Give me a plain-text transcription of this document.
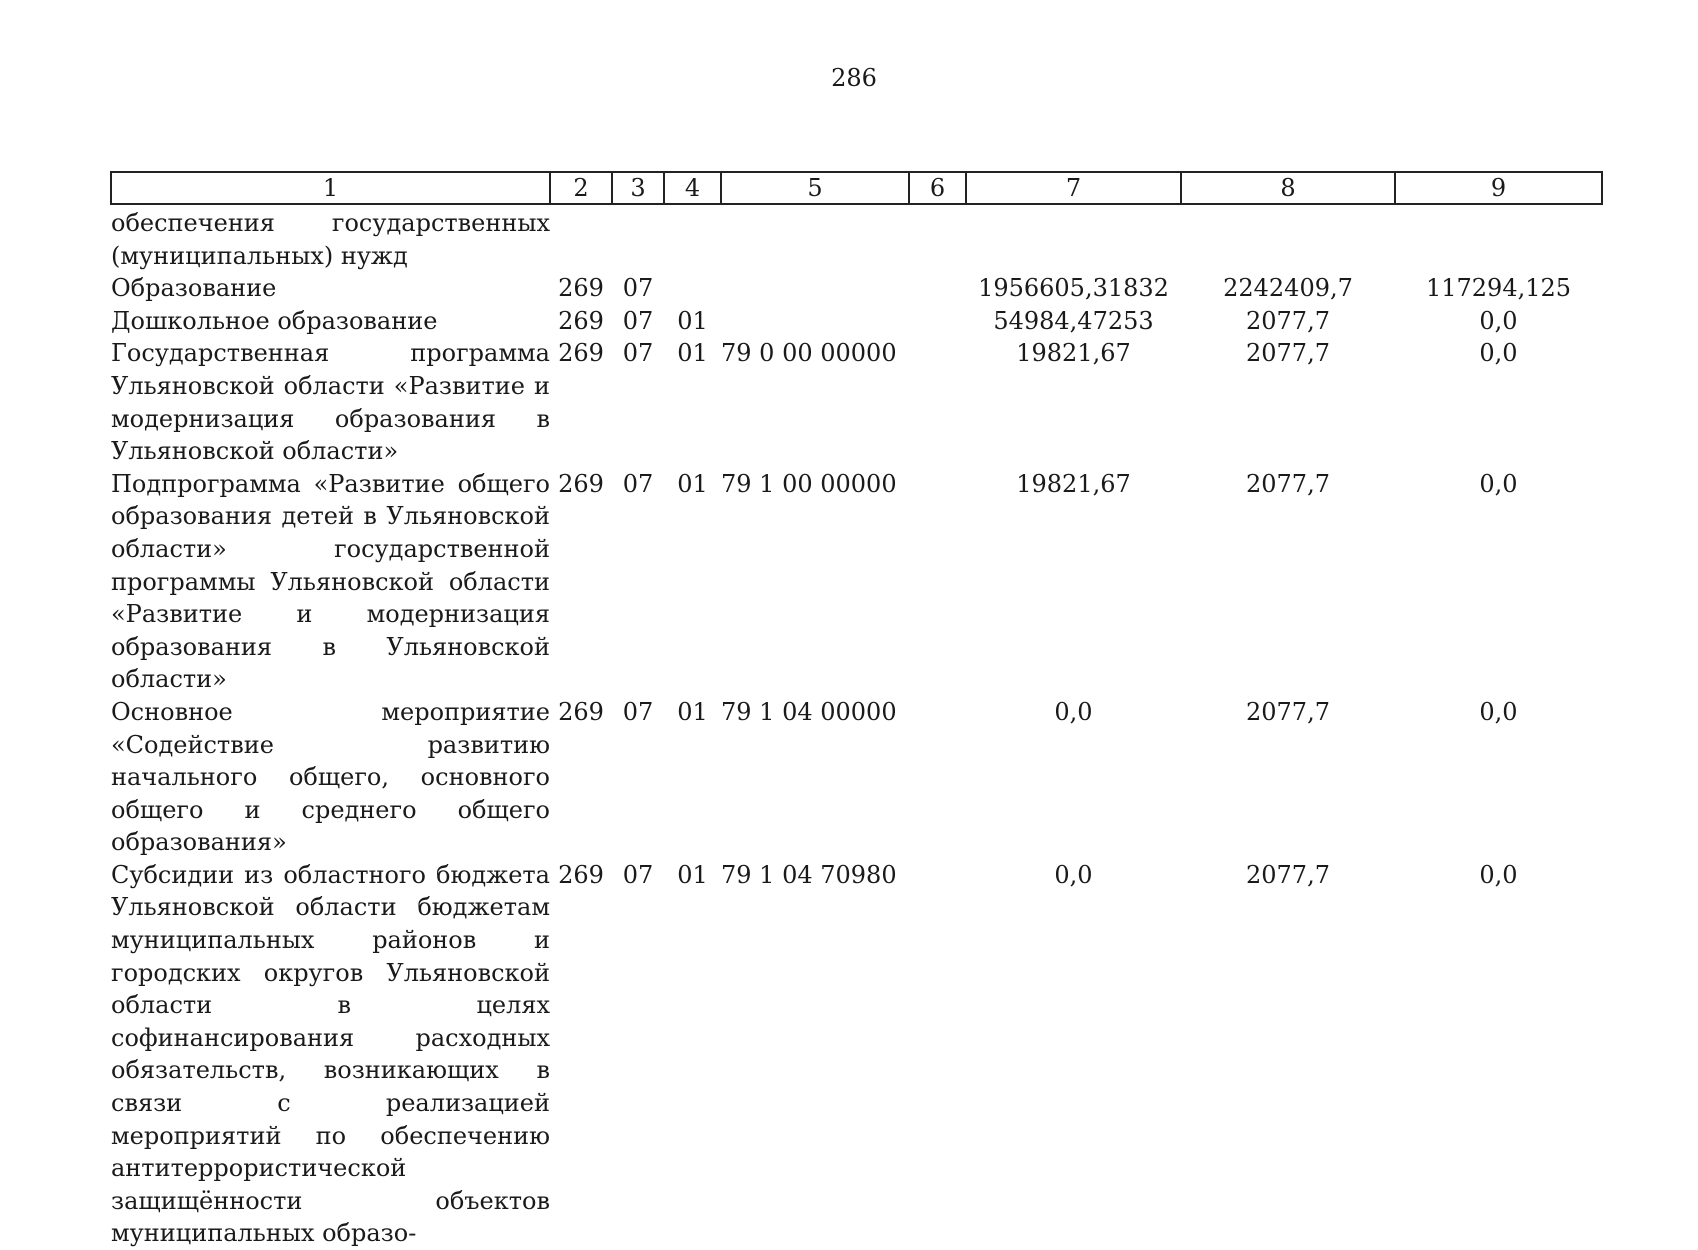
286
1	2	3	4	5	6	7	8	9
обеспечения государственных (муниципальных) нужд								
Образование	269	07				1956605,31832	2242409,7	117294,125
Дошкольное образование	269	07	01			54984,47253	2077,7	0,0
Государственная программа Ульяновской области «Развитие и модернизация образования в Ульяновской области»	269	07	01	79 0 00 00000		19821,67	2077,7	0,0
Подпрограмма «Развитие общего образования детей в Ульяновской области» государственной программы Ульяновской области «Развитие и модернизация образования в Ульяновской области»	269	07	01	79 1 00 00000		19821,67	2077,7	0,0
Основное мероприятие «Содействие развитию начального общего, основного общего и среднего общего образования»	269	07	01	79 1 04 00000		0,0	2077,7	0,0
Субсидии из областного бюджета Ульяновской области бюджетам муниципальных районов и городских округов Ульяновской области в целях софинансирования расходных обязательств, возникающих в связи с реализацией мероприятий по обеспечению антитеррористической защищённости объектов муниципальных образо-	269	07	01	79 1 04 70980		0,0	2077,7	0,0
